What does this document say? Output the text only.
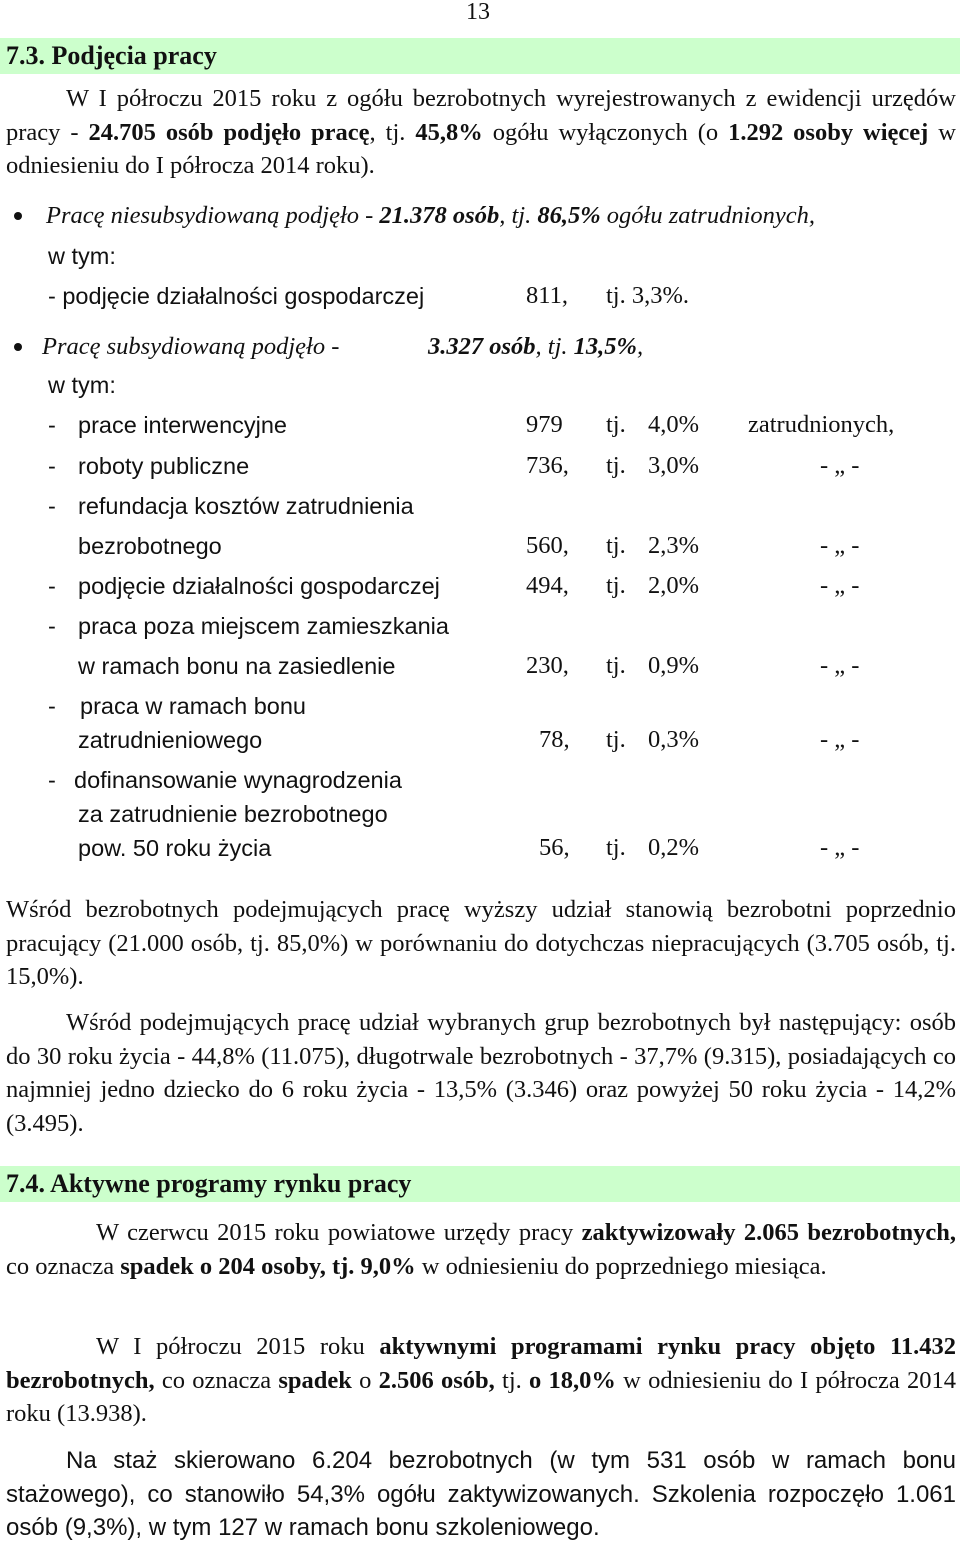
13
7.3. Podjęcia pracy
W I półroczu 2015 roku z ogółu bezrobotnych wyrejestrowanych z ewidencji urzędów pracy - 24.705 osób podjęło pracę, tj. 45,8% ogółu wyłączonych (o 1.292 osoby więcej w odniesieniu do I półrocza 2014 roku).
Pracę niesubsydiowaną podjęło - 21.378 osób, tj. 86,5% ogółu zatrudnionych,
w tym:
- podjęcie działalności gospodarczej	811, tj. 3,3%.
Pracę subsydiowaną podjęło -	3.327 osób, tj. 13,5%,
w tym:
- prace interwencyjne	979 tj. 4,0% zatrudnionych,
- roboty publiczne	736, tj. 3,0%	- „ -
- refundacja kosztów zatrudnienia
bezrobotnego	560, tj. 2,3%	- „ -
- podjęcie działalności gospodarczej	494, tj. 2,0%	- „ -
- praca poza miejscem zamieszkania
w ramach bonu na zasiedlenie	230, tj. 0,9%	- „ -
- praca w ramach bonu
zatrudnieniowego	78, tj. 0,3%	- „ -
- dofinansowanie wynagrodzenia
za zatrudnienie bezrobotnego
pow. 50 roku życia	56, tj. 0,2%	- „ -
Wśród bezrobotnych podejmujących pracę wyższy udział stanowią bezrobotni poprzednio pracujący (21.000 osób, tj. 85,0%) w porównaniu do dotychczas niepracujących (3.705 osób, tj. 15,0%).
Wśród podejmujących pracę udział wybranych grup bezrobotnych był następujący: osób do 30 roku życia - 44,8% (11.075), długotrwale bezrobotnych - 37,7% (9.315), posiadających co najmniej jedno dziecko do 6 roku życia - 13,5% (3.346) oraz powyżej 50 roku życia - 14,2% (3.495).
7.4. Aktywne programy rynku pracy
W czerwcu 2015 roku powiatowe urzędy pracy zaktywizowały 2.065 bezrobotnych, co oznacza spadek o 204 osoby, tj. 9,0% w odniesieniu do poprzedniego miesiąca.
W I półroczu 2015 roku aktywnymi programami rynku pracy objęto 11.432 bezrobotnych, co oznacza spadek o 2.506 osób, tj. o 18,0% w odniesieniu do I półrocza 2014 roku (13.938).
Na staż skierowano 6.204 bezrobotnych (w tym 531 osób w ramach bonu stażowego), co stanowiło 54,3% ogółu zaktywizowanych. Szkolenia rozpoczęło 1.061 osób (9,3%), w tym 127 w ramach bonu szkoleniowego.
